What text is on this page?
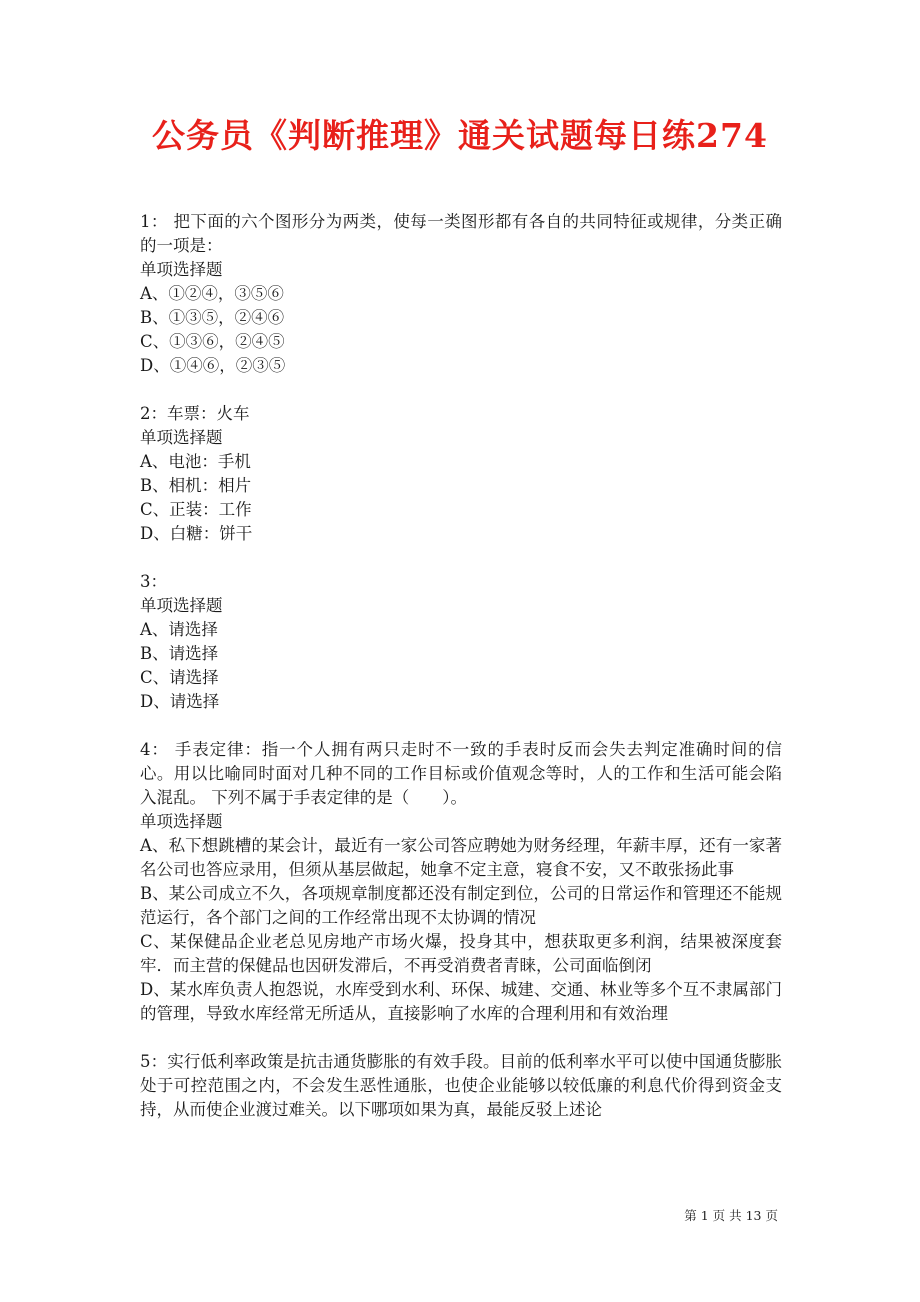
公务员《判断推理》通关试题每日练274

1： 把下面的六个图形分为两类，使每一类图形都有各自的共同特征或规律，分类正确的一项是：

单项选择题

A、①②④，③⑤⑥

B、①③⑤，②④⑥

C、①③⑥，②④⑤

D、①④⑥，②③⑤

2：车票：火车

单项选择题

A、电池：手机

B、相机：相片

C、正装：工作

D、白糖：饼干

3：

单项选择题

A、请选择

B、请选择

C、请选择

D、请选择

4： 手表定律：指一个人拥有两只走时不一致的手表时反而会失去判定准确时间的信心。用以比喻同时面对几种不同的工作目标或价值观念等时，人的工作和生活可能会陷入混乱。 下列不属于手表定律的是（　　）。

单项选择题

A、私下想跳槽的某会计，最近有一家公司答应聘她为财务经理，年薪丰厚，还有一家著名公司也答应录用，但须从基层做起，她拿不定主意，寝食不安，又不敢张扬此事

B、某公司成立不久，各项规章制度都还没有制定到位，公司的日常运作和管理还不能规范运行，各个部门之间的工作经常出现不太协调的情况

C、某保健品企业老总见房地产市场火爆，投身其中，想获取更多利润，结果被深度套牢．而主营的保健品也因研发滞后，不再受消费者青睐，公司面临倒闭

D、某水库负责人抱怨说，水库受到水利、环保、城建、交通、林业等多个互不隶属部门的管理，导致水库经常无所适从，直接影响了水库的合理利用和有效治理

5：实行低利率政策是抗击通货膨胀的有效手段。目前的低利率水平可以使中国通货膨胀处于可控范围之内，不会发生恶性通胀，也使企业能够以较低廉的利息代价得到资金支持，从而使企业渡过难关。以下哪项如果为真，最能反驳上述论

第 1 页 共 13 页
